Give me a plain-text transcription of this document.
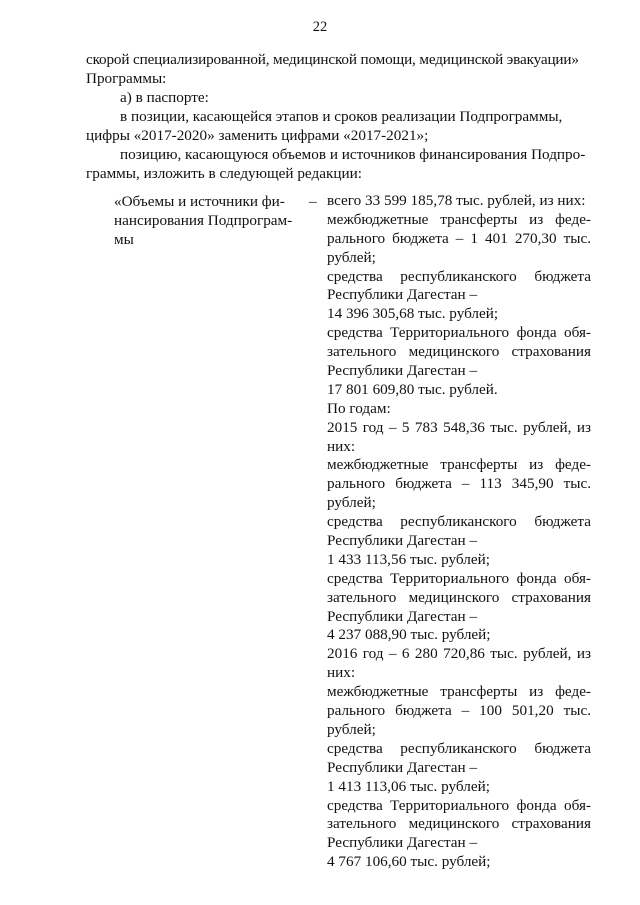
22

скорой специализированной, медицинской помощи, медицинской эвакуации»

Программы:

а) в паспорте:

в позиции, касающейся этапов и сроков реализации Подпрограммы,

цифры «2017-2020» заменить цифрами «2017-2021»;

позицию, касающуюся объемов и источников финансирования Подпро-

граммы, изложить в следующей редакции:

«Объемы и источники фи-
нансирования Подпрограм-
мы
– всего 33 599 185,78 тыс. рублей, из них:
межбюджетные трансферты из феде-
рального бюджета – 1 401 270,30 тыс.
рублей;
средства республиканского бюджета
Республики Дагестан –
14 396 305,68 тыс. рублей;
средства Территориального фонда обя-
зательного медицинского страхования
Республики Дагестан –
17 801 609,80 тыс. рублей.
По годам:
2015 год – 5 783 548,36 тыс. рублей, из
них:
межбюджетные трансферты из феде-
рального бюджета – 113 345,90 тыс.
рублей;
средства республиканского бюджета
Республики Дагестан –
1 433 113,56 тыс. рублей;
средства Территориального фонда обя-
зательного медицинского страхования
Республики Дагестан –
4 237 088,90 тыс. рублей;
2016 год – 6 280 720,86 тыс. рублей, из
них:
межбюджетные трансферты из феде-
рального бюджета – 100 501,20 тыс.
рублей;
средства республиканского бюджета
Республики Дагестан –
1 413 113,06 тыс. рублей;
средства Территориального фонда обя-
зательного медицинского страхования
Республики Дагестан –
4 767 106,60 тыс. рублей;
